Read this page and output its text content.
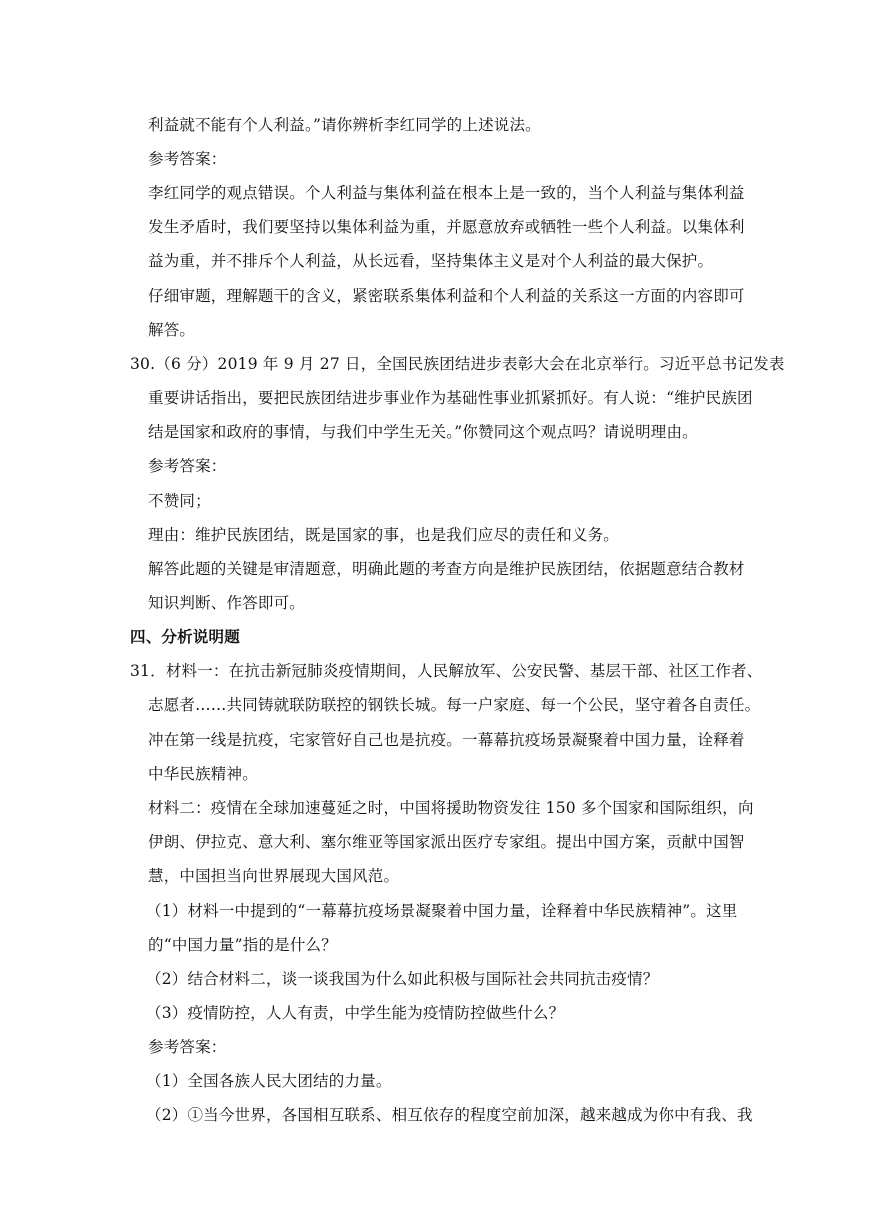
利益就不能有个人利益。”请你辨析李红同学的上述说法。
参考答案：
李红同学的观点错误。个人利益与集体利益在根本上是一致的，当个人利益与集体利益
发生矛盾时，我们要坚持以集体利益为重，并愿意放弃或牺牲一些个人利益。以集体利
益为重，并不排斥个人利益，从长远看，坚持集体主义是对个人利益的最大保护。
仔细审题，理解题干的含义，紧密联系集体利益和个人利益的关系这一方面的内容即可
解答。
30.（6 分）2019 年 9 月 27 日，全国民族团结进步表彰大会在北京举行。习近平总书记发表
重要讲话指出，要把民族团结进步事业作为基础性事业抓紧抓好。有人说：“维护民族团
结是国家和政府的事情，与我们中学生无关。”你赞同这个观点吗？请说明理由。
参考答案：
不赞同；
理由：维护民族团结，既是国家的事，也是我们应尽的责任和义务。
解答此题的关键是审清题意，明确此题的考查方向是维护民族团结，依据题意结合教材
知识判断、作答即可。
四、分析说明题
31．材料一：在抗击新冠肺炎疫情期间，人民解放军、公安民警、基层干部、社区工作者、
志愿者……共同铸就联防联控的钢铁长城。每一户家庭、每一个公民，坚守着各自责任。
冲在第一线是抗疫，宅家管好自己也是抗疫。一幕幕抗疫场景凝聚着中国力量，诠释着
中华民族精神。
材料二：疫情在全球加速蔓延之时，中国将援助物资发往 150 多个国家和国际组织，向
伊朗、伊拉克、意大利、塞尔维亚等国家派出医疗专家组。提出中国方案，贡献中国智
慧，中国担当向世界展现大国风范。
（1）材料一中提到的“一幕幕抗疫场景凝聚着中国力量，诠释着中华民族精神”。这里
的“中国力量”指的是什么？
（2）结合材料二，谈一谈我国为什么如此积极与国际社会共同抗击疫情？
（3）疫情防控，人人有责，中学生能为疫情防控做些什么？
参考答案：
（1）全国各族人民大团结的力量。
（2）①当今世界，各国相互联系、相互依存的程度空前加深，越来越成为你中有我、我
